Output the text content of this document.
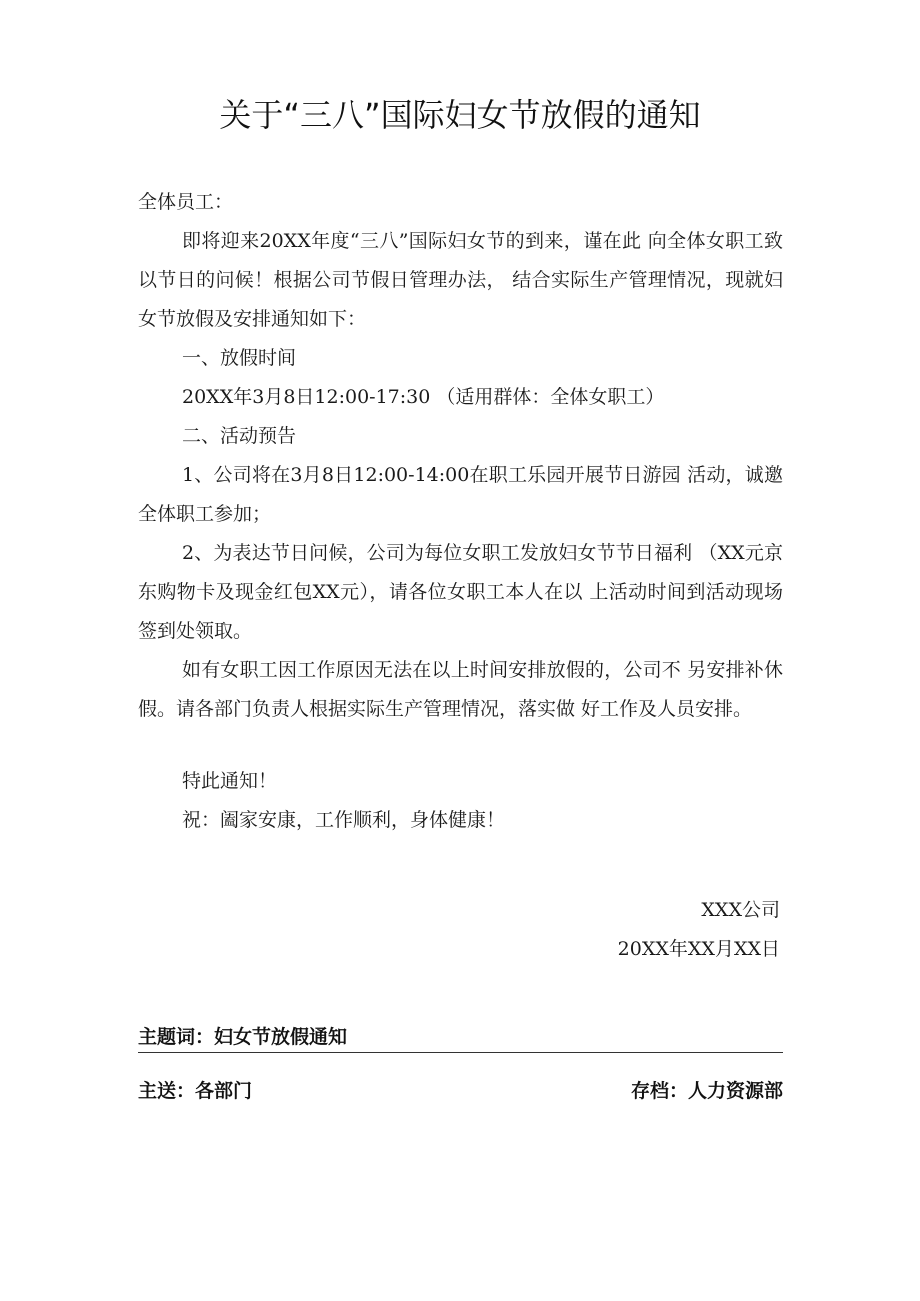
关于“三八”国际妇女节放假的通知

全体员工：

即将迎来20XX年度“三八”国际妇女节的到来，谨在此 向全体女职工致以节日的问候！根据公司节假日管理办法， 结合实际生产管理情况，现就妇女节放假及安排通知如下：

一、放假时间

20XX年3月8日12:00-17:30 （适用群体：全体女职工）

二、活动预告

1、公司将在3月8日12:00-14:00在职工乐园开展节日游园 活动，诚邀全体职工参加；

2、为表达节日问候，公司为每位女职工发放妇女节节日福利 （XX元京东购物卡及现金红包XX元），请各位女职工本人在以 上活动时间到活动现场签到处领取。

如有女职工因工作原因无法在以上时间安排放假的，公司不 另安排补休假。请各部门负责人根据实际生产管理情况，落实做 好工作及人员安排。

特此通知！

祝：阖家安康，工作顺利，身体健康！

XXX公司
20XX年XX月XX日
主题词：妇女节放假通知
主送：各部门	存档：人力资源部
